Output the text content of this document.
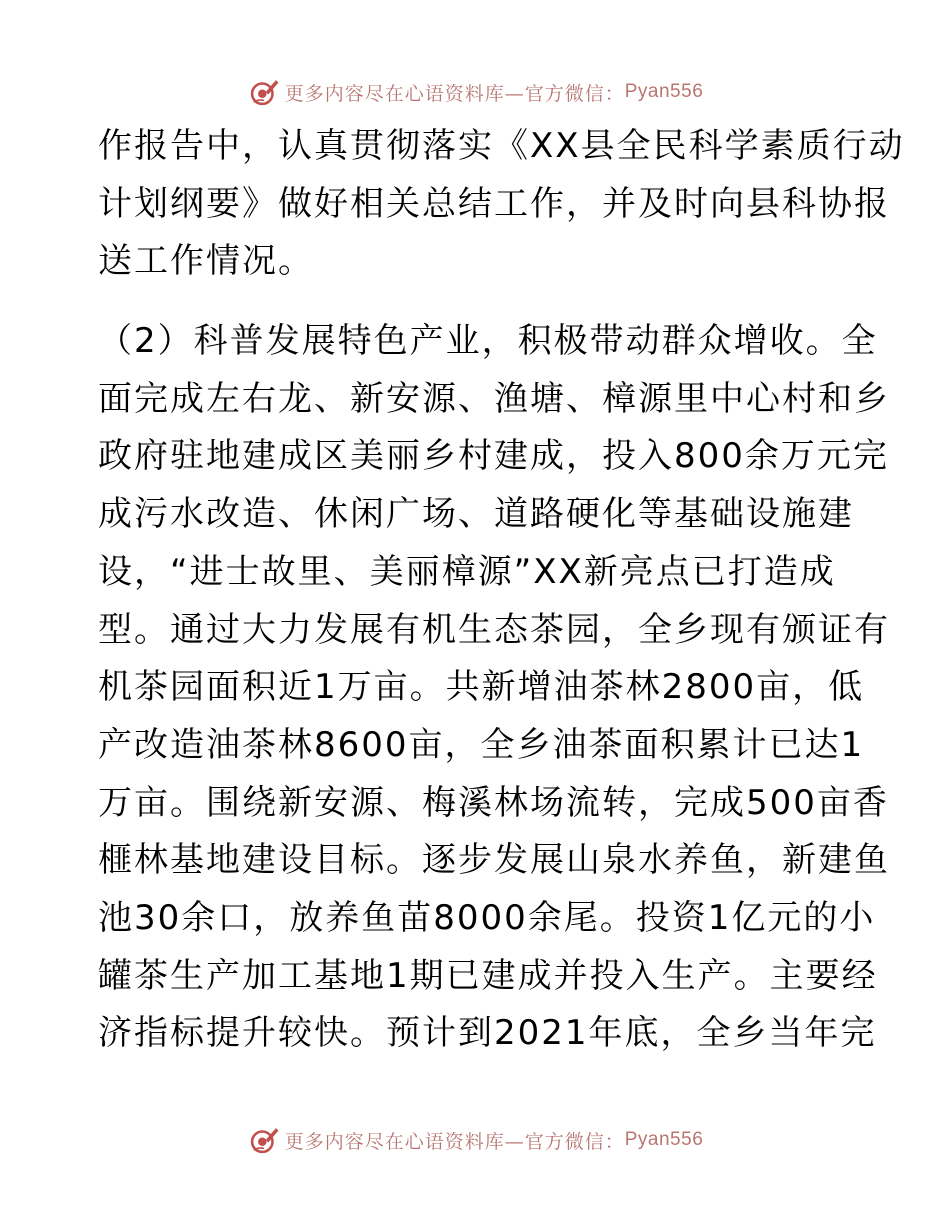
更多内容尽在心语资料库—官方微信： Pyan556
作报告中，认真贯彻落实《XX县全民科学素质行动
计划纲要》做好相关总结工作，并及时向县科协报
送工作情况。
（2）科普发展特色产业，积极带动群众增收。全
面完成左右龙、新安源、渔塘、樟源里中心村和乡
政府驻地建成区美丽乡村建成，投入800余万元完
成污水改造、休闲广场、道路硬化等基础设施建
设，“进士故里、美丽樟源”XX新亮点已打造成
型。通过大力发展有机生态茶园，全乡现有颁证有
机茶园面积近1万亩。共新增油茶林2800亩，低
产改造油茶林8600亩，全乡油茶面积累计已达1
万亩。围绕新安源、梅溪林场流转，完成500亩香
榧林基地建设目标。逐步发展山泉水养鱼，新建鱼
池30余口，放养鱼苗8000余尾。投资1亿元的小
罐茶生产加工基地1期已建成并投入生产。主要经
济指标提升较快。预计到2021年底，全乡当年完
更多内容尽在心语资料库—官方微信： Pyan556
